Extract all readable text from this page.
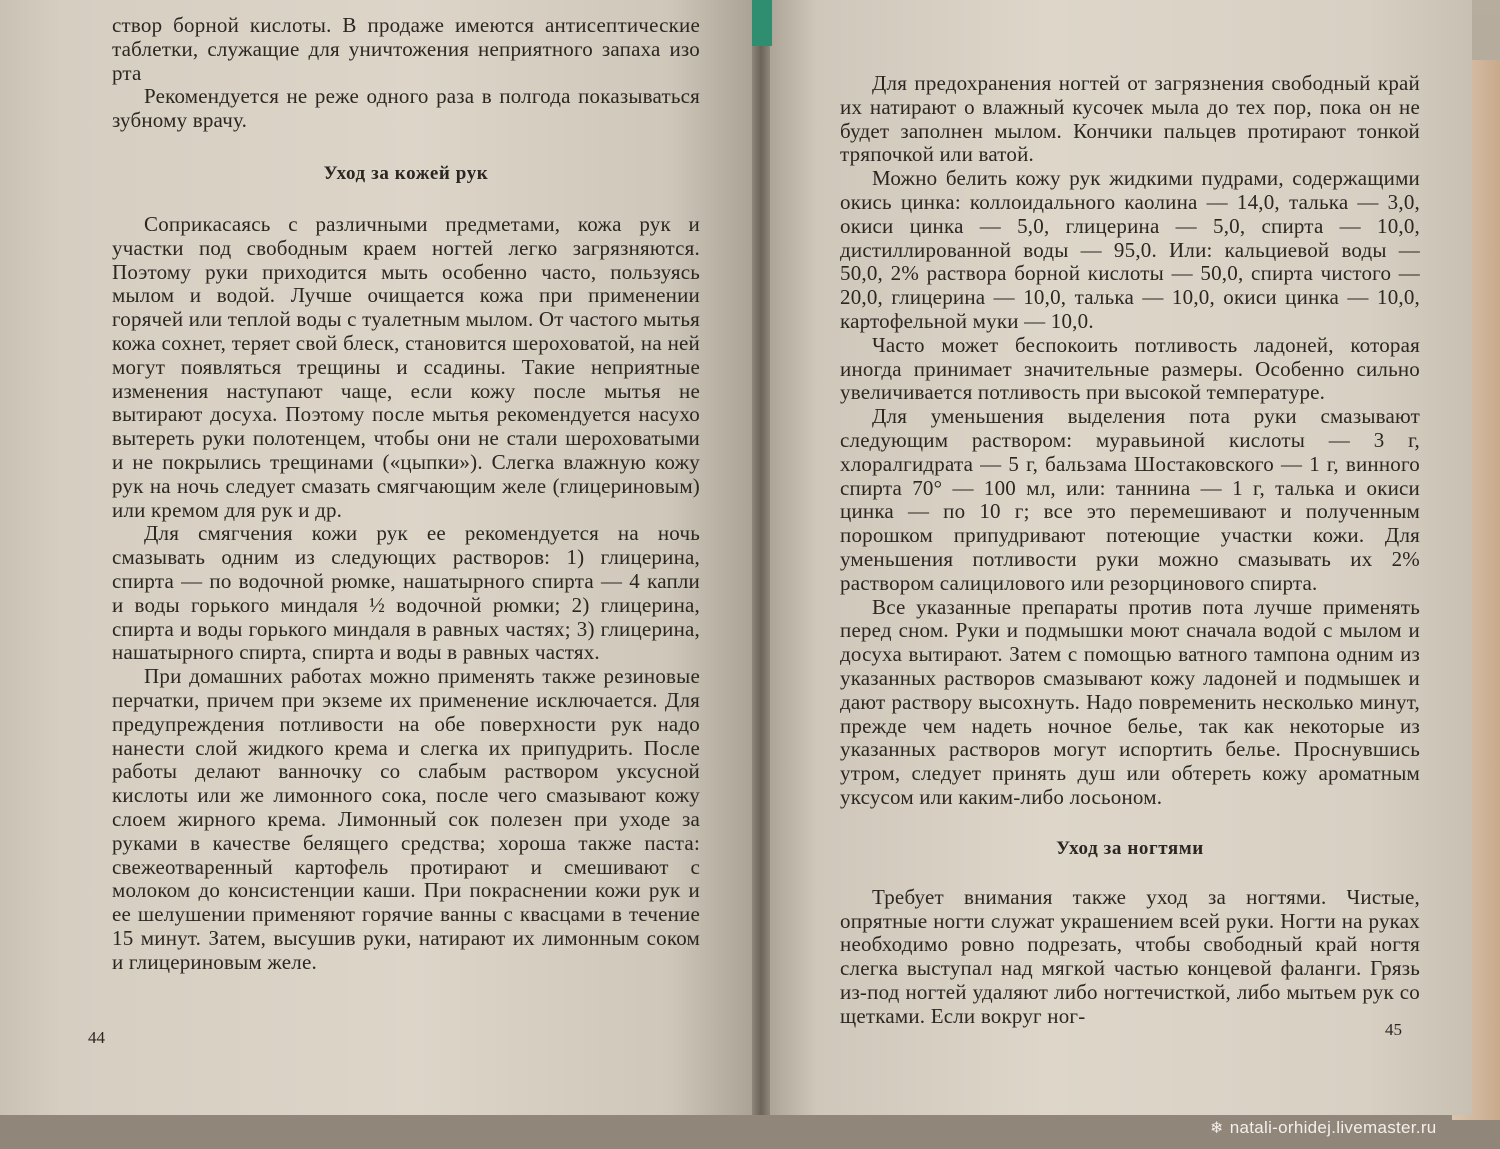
створ борной кислоты. В продаже имеются антисептические таблетки, служащие для уничтожения неприятного запаха изо рта

Рекомендуется не реже одного раза в полгода показываться зубному врачу.

Уход за кожей рук

Соприкасаясь с различными предметами, кожа рук и участки под свободным краем ногтей легко загрязняются. Поэтому руки приходится мыть особенно часто, пользуясь мылом и водой. Лучше очищается кожа при применении горячей или теплой воды с туалетным мылом. От частого мытья кожа сохнет, теряет свой блеск, становится шероховатой, на ней могут появляться трещины и ссадины. Такие неприятные изменения наступают чаще, если кожу после мытья не вытирают досуха. Поэтому после мытья рекомендуется насухо вытереть руки полотенцем, чтобы они не стали шероховатыми и не покрылись трещинами («цыпки»). Слегка влажную кожу рук на ночь следует смазать смягчающим желе (глицериновым) или кремом для рук и др.

Для смягчения кожи рук ее рекомендуется на ночь смазывать одним из следующих растворов: 1) глицерина, спирта — по водочной рюмке, нашатырного спирта — 4 капли и воды горького миндаля ½ водочной рюмки; 2) глицерина, спирта и воды горького миндаля в равных частях; 3) глицерина, нашатырного спирта, спирта и воды в равных частях.

При домашних работах можно применять также резиновые перчатки, причем при экземе их применение исключается. Для предупреждения потливости на обе поверхности рук надо нанести слой жидкого крема и слегка их припудрить. После работы делают ванночку со слабым раствором уксусной кислоты или же лимонного сока, после чего смазывают кожу слоем жирного крема. Лимонный сок полезен при уходе за руками в качестве белящего средства; хороша также паста: свежеотваренный картофель протирают и смешивают с молоком до консистенции каши. При покраснении кожи рук и ее шелушении применяют горячие ванны с квасцами в течение 15 минут. Затем, высушив руки, натирают их лимонным соком и глицериновым желе.

Для предохранения ногтей от загрязнения свободный край их натирают о влажный кусочек мыла до тех пор, пока он не будет заполнен мылом. Кончики пальцев протирают тонкой тряпочкой или ватой.

Можно белить кожу рук жидкими пудрами, содержащими окись цинка: коллоидального каолина — 14,0, талька — 3,0, окиси цинка — 5,0, глицерина — 5,0, спирта — 10,0, дистиллированной воды — 95,0. Или: кальциевой воды — 50,0, 2% раствора борной кислоты — 50,0, спирта чистого — 20,0, глицерина — 10,0, талька — 10,0, окиси цинка — 10,0, картофельной муки — 10,0.

Часто может беспокоить потливость ладоней, которая иногда принимает значительные размеры. Особенно сильно увеличивается потливость при высокой температуре.

Для уменьшения выделения пота руки смазывают следующим раствором: муравьиной кислоты — 3 г, хлоралгидрата — 5 г, бальзама Шостаковского — 1 г, винного спирта 70° — 100 мл, или: таннина — 1 г, талька и окиси цинка — по 10 г; все это перемешивают и полученным порошком припудривают потеющие участки кожи. Для уменьшения потливости руки можно смазывать их 2% раствором салицилового или резорцинового спирта.

Все указанные препараты против пота лучше применять перед сном. Руки и подмышки моют сначала водой с мылом и досуха вытирают. Затем с помощью ватного тампона одним из указанных растворов смазывают кожу ладоней и подмышек и дают раствору высохнуть. Надо повременить несколько минут, прежде чем надеть ночное белье, так как некоторые из указанных растворов могут испортить белье. Проснувшись утром, следует принять душ или обтереть кожу ароматным уксусом или каким-либо лосьоном.

Уход за ногтями

Требует внимания также уход за ногтями. Чистые, опрятные ногти служат украшением всей руки. Ногти на руках необходимо ровно подрезать, чтобы свободный край ногтя слегка выступал над мягкой частью концевой фаланги. Грязь из-под ногтей удаляют либо ногтечисткой, либо мытьем рук со щетками. Если вокруг ног-

44	45
❄ natali-orhidej.livemaster.ru
